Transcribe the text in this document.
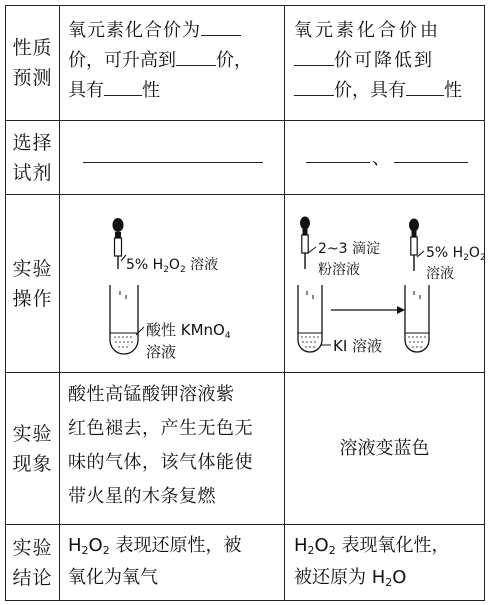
性质
预测
氧元素化合价为
价，可升高到 价，
具有 性
氧元素化合价由
价可降低到
价，具有 性
选择
试剂
、
实验
操作
5% $H_2O_2$ 溶液
酸性 KMnO$_4$
溶液
2~3 滴淀
粉溶液
KI 溶液
5% $H_2O_2$
溶液
实验
现象
酸性高锰酸钾溶液紫
红色褪去，产生无色无
味的气体，该气体能使
带火星的木条复燃
溶液变蓝色
实验
结论
$H_2O_2$ 表现还原性，被
氧化为氧气
$H_2O_2$ 表现氧化性，
被还原为 $H_2O$
